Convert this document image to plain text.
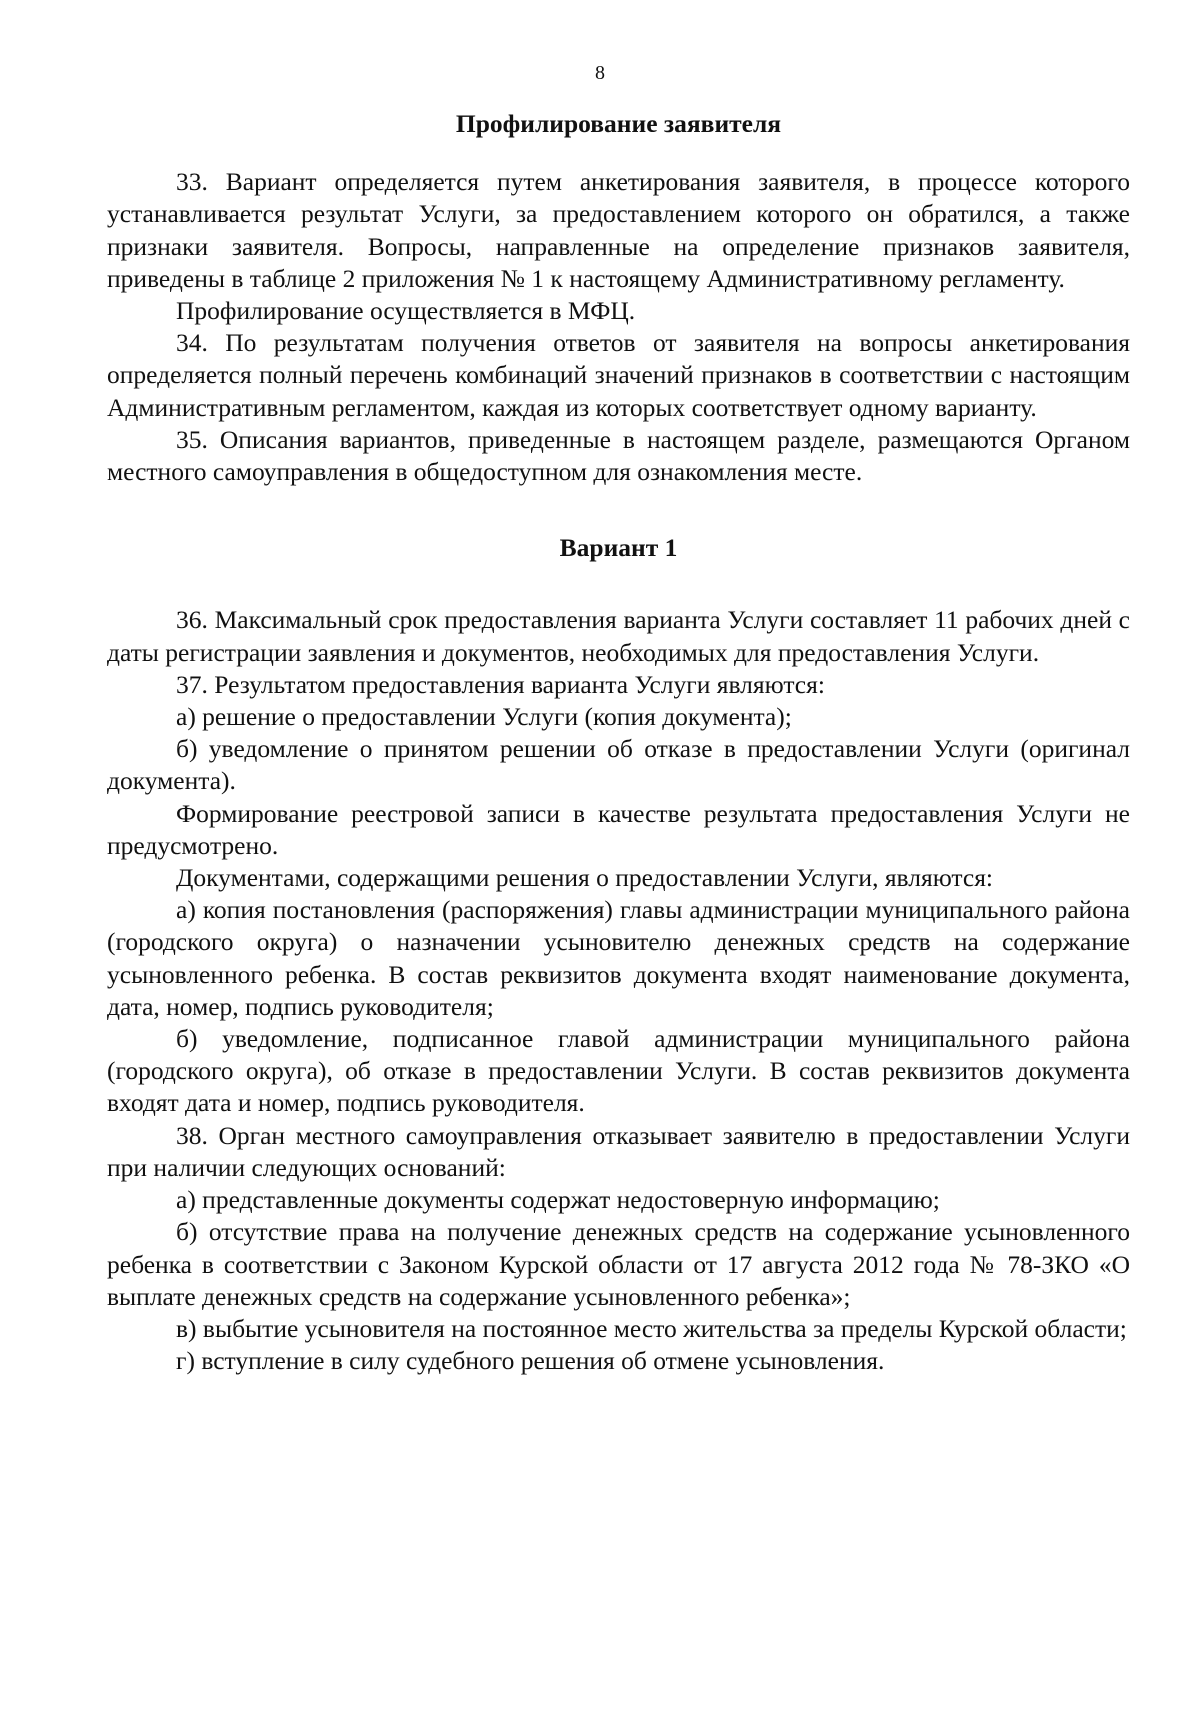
8

Профилирование заявителя

33. Вариант определяется путем анкетирования заявителя, в процессе которого устанавливается результат Услуги, за предоставлением которого он обратился, а также признаки заявителя. Вопросы, направленные на определение признаков заявителя, приведены в таблице 2 приложения № 1 к настоящему Административному регламенту.

Профилирование осуществляется в МФЦ.

34. По результатам получения ответов от заявителя на вопросы анкетирования определяется полный перечень комбинаций значений признаков в соответствии с настоящим Административным регламентом, каждая из которых соответствует одному варианту.

35. Описания вариантов, приведенные в настоящем разделе, размещаются Органом местного самоуправления в общедоступном для ознакомления месте.

Вариант 1

36. Максимальный срок предоставления варианта Услуги составляет 11 рабочих дней с даты регистрации заявления и документов, необходимых для предоставления Услуги.

37. Результатом предоставления варианта Услуги являются:

а) решение о предоставлении Услуги (копия документа);

б) уведомление о принятом решении об отказе в предоставлении Услуги (оригинал документа).

Формирование реестровой записи в качестве результата предоставления Услуги не предусмотрено.

Документами, содержащими решения о предоставлении Услуги, являются:

а) копия постановления (распоряжения) главы администрации муниципального района (городского округа) о назначении усыновителю денежных средств на содержание усыновленного ребенка. В состав реквизитов документа входят наименование документа, дата, номер, подпись руководителя;

б) уведомление, подписанное главой администрации муниципального района (городского округа), об отказе в предоставлении Услуги. В состав реквизитов документа входят дата и номер, подпись руководителя.

38. Орган местного самоуправления отказывает заявителю в предоставлении Услуги при наличии следующих оснований:

а) представленные документы содержат недостоверную информацию;

б) отсутствие права на получение денежных средств на содержание усыновленного ребенка в соответствии с Законом Курской области от 17 августа 2012 года № 78-ЗКО «О выплате денежных средств на содержание усыновленного ребенка»;

в) выбытие усыновителя на постоянное место жительства за пределы Курской области;

г) вступление в силу судебного решения об отмене усыновления.
